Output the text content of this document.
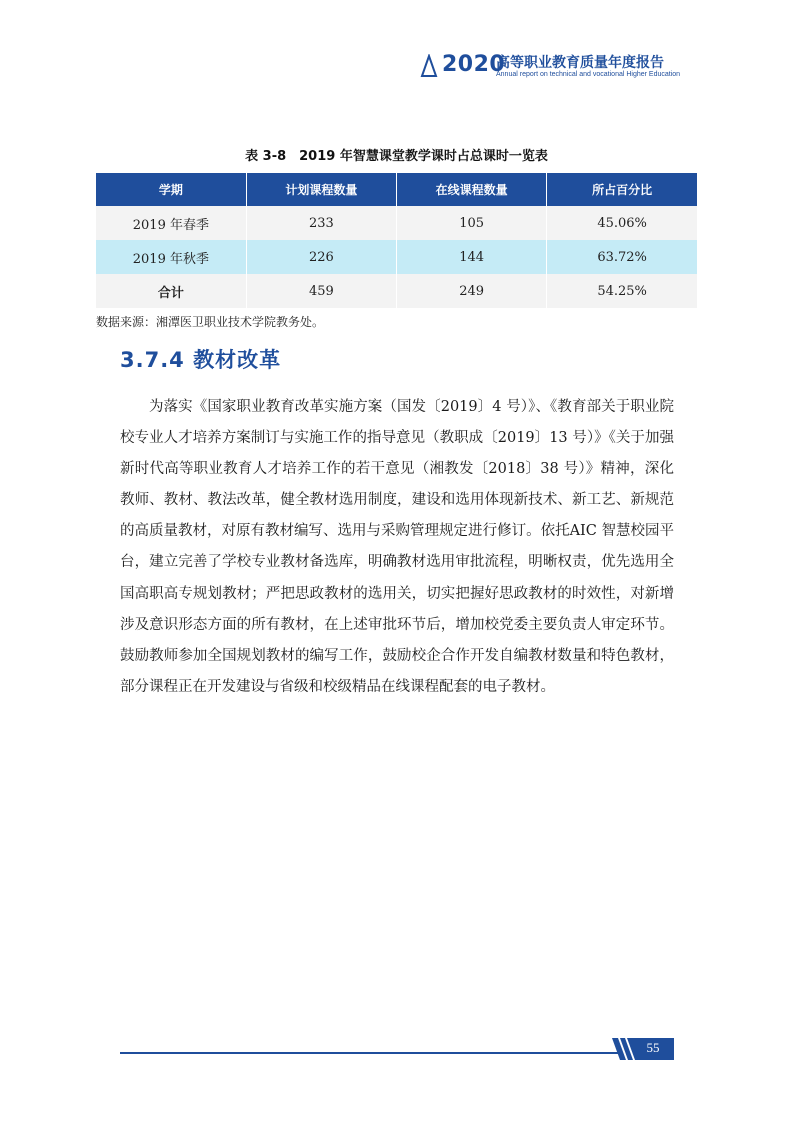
2020
高等职业教育质量年度报告
Annual report on technical and vocational Higher Education
表 3-8　2019 年智慧课堂教学课时占总课时一览表
学期	计划课程数量	在线课程数量	所占百分比
2019 年春季	233	105	45.06%
2019 年秋季	226	144	63.72%
合计	459	249	54.25%
数据来源：湘潭医卫职业技术学院教务处。
3.7.4 教材改革

为落实《国家职业教育改革实施方案（国发〔2019〕4 号）》、《教育部关于职业院校专业人才培养方案制订与实施工作的指导意见（教职成〔2019〕13 号）》《关于加强新时代高等职业教育人才培养工作的若干意见（湘教发〔2018〕38 号）》精神，深化教师、教材、教法改革，健全教材选用制度，建设和选用体现新技术、新工艺、新规范的高质量教材，对原有教材编写、选用与采购管理规定进行修订。依托AIC 智慧校园平台，建立完善了学校专业教材备选库，明确教材选用审批流程，明晰权责，优先选用全国高职高专规划教材；严把思政教材的选用关，切实把握好思政教材的时效性，对新增涉及意识形态方面的所有教材，在上述审批环节后，增加校党委主要负责人审定环节。鼓励教师参加全国规划教材的编写工作，鼓励校企合作开发自编教材数量和特色教材，部分课程正在开发建设与省级和校级精品在线课程配套的电子教材。

55
